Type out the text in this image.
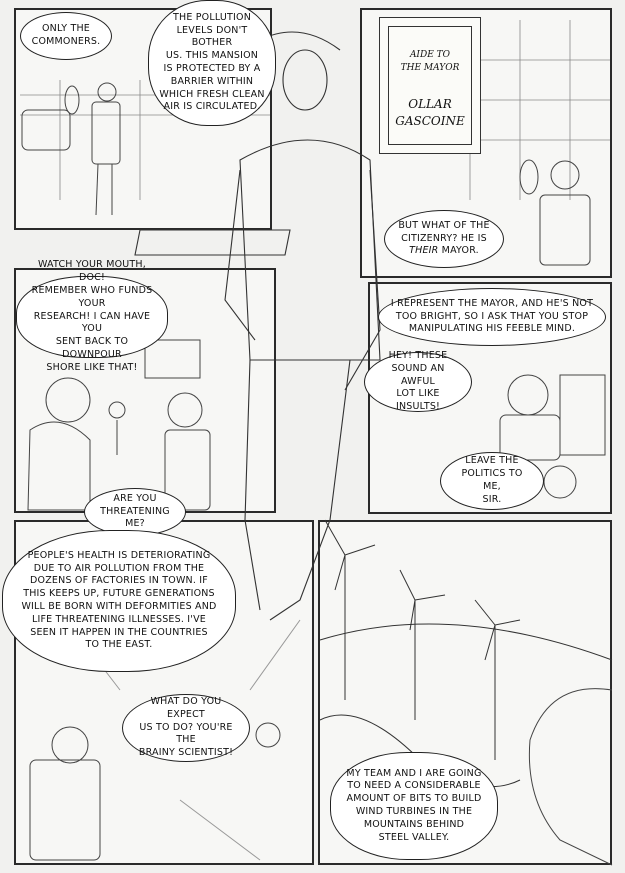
AIDE TO
THE MAYOR
OLLAR
GASCOINE
ONLY THE
COMMONERS.
THE POLLUTION
LEVELS DON'T BOTHER
US. THIS MANSION
IS PROTECTED BY A
BARRIER WITHIN
WHICH FRESH CLEAN
AIR IS CIRCULATED.
BUT WHAT OF THE
CITIZENRY? HE IS
THEIR MAYOR.
WATCH YOUR MOUTH, DOC!
REMEMBER WHO FUNDS YOUR
RESEARCH! I CAN HAVE YOU
SENT BACK TO DOWNPOUR
SHORE LIKE THAT!
I REPRESENT THE MAYOR, AND HE'S NOT
TOO BRIGHT, SO I ASK THAT YOU STOP
MANIPULATING HIS FEEBLE MIND.
HEY! THESE
SOUND AN AWFUL
LOT LIKE INSULTS!
LEAVE THE
POLITICS TO ME,
SIR.
ARE YOU
THREATENING ME?
PEOPLE'S HEALTH IS DETERIORATING
DUE TO AIR POLLUTION FROM THE
DOZENS OF FACTORIES IN TOWN. IF
THIS KEEPS UP, FUTURE GENERATIONS
WILL BE BORN WITH DEFORMITIES AND
LIFE THREATENING ILLNESSES. I'VE
SEEN IT HAPPEN IN THE COUNTRIES
TO THE EAST.
WHAT DO YOU EXPECT
US TO DO? YOU'RE THE
BRAINY SCIENTIST!
MY TEAM AND I ARE GOING
TO NEED A CONSIDERABLE
AMOUNT OF BITS TO BUILD
WIND TURBINES IN THE
MOUNTAINS BEHIND
STEEL VALLEY.
